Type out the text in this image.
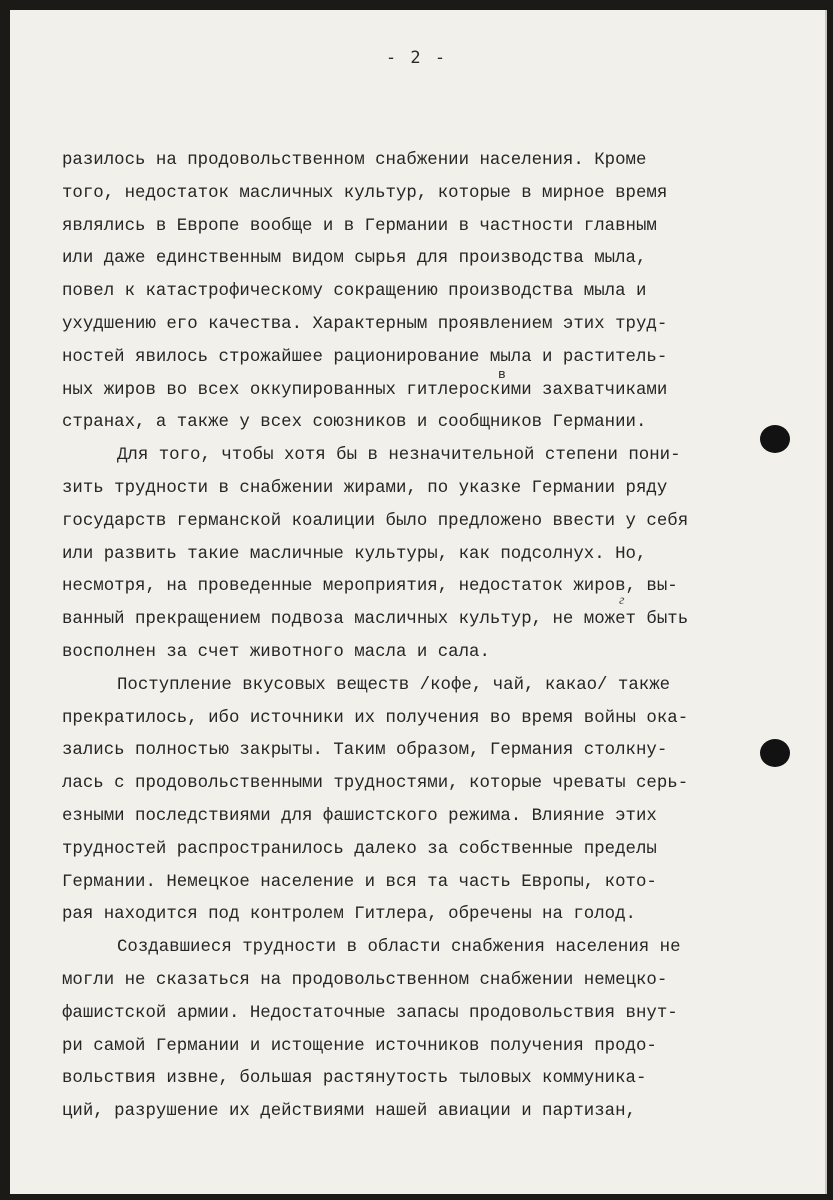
- 2 -
разилось на продовольственном снабжении населения. Кроме
того, недостаток масличных культур, которые в мирное время
являлись в Европе вообще и в Германии в частности главным
или даже единственным видом сырья для производства мыла,
повел к катастрофическому сокращению производства мыла и
ухудшению его качества. Характерным проявлением этих труд-
ностей явилось строжайшее рационирование мыла и раститель-
ных жиров во всех оккупированных гитлероскими захватчиками
странах, а также у всех союзников и сообщников Германии.
Для того, чтобы хотя бы в незначительной степени пони-
зить трудности в снабжении жирами, по указке Германии ряду
государств германской коалиции было предложено ввести у себя
или развить такие масличные культуры, как подсолнух. Но,
несмотря, на проведенные мероприятия, недостаток жиров, вы-
ванный прекращением подвоза масличных культур, не может быть
восполнен за счет животного масла и сала.
Поступление вкусовых веществ /кофе, чай, какао/ также
прекратилось, ибо источники их получения во время войны ока-
зались полностью закрыты. Таким образом, Германия столкну-
лась с продовольственными трудностями, которые чреваты серь-
езными последствиями для фашистского режима. Влияние этих
трудностей распространилось далеко за собственные пределы
Германии. Немецкое население и вся та часть Европы, кото-
рая находится под контролем Гитлера, обречены на голод.
Создавшиеся трудности в области снабжения населения не
могли не сказаться на продовольственном снабжении немецко-
фашистской армии. Недостаточные запасы продовольствия внут-
ри самой Германии и истощение источников получения продо-
вольствия извне, большая растянутость тыловых коммуникa-
ций, разрушение их действиями нашей авиации и партизан,
в
г
